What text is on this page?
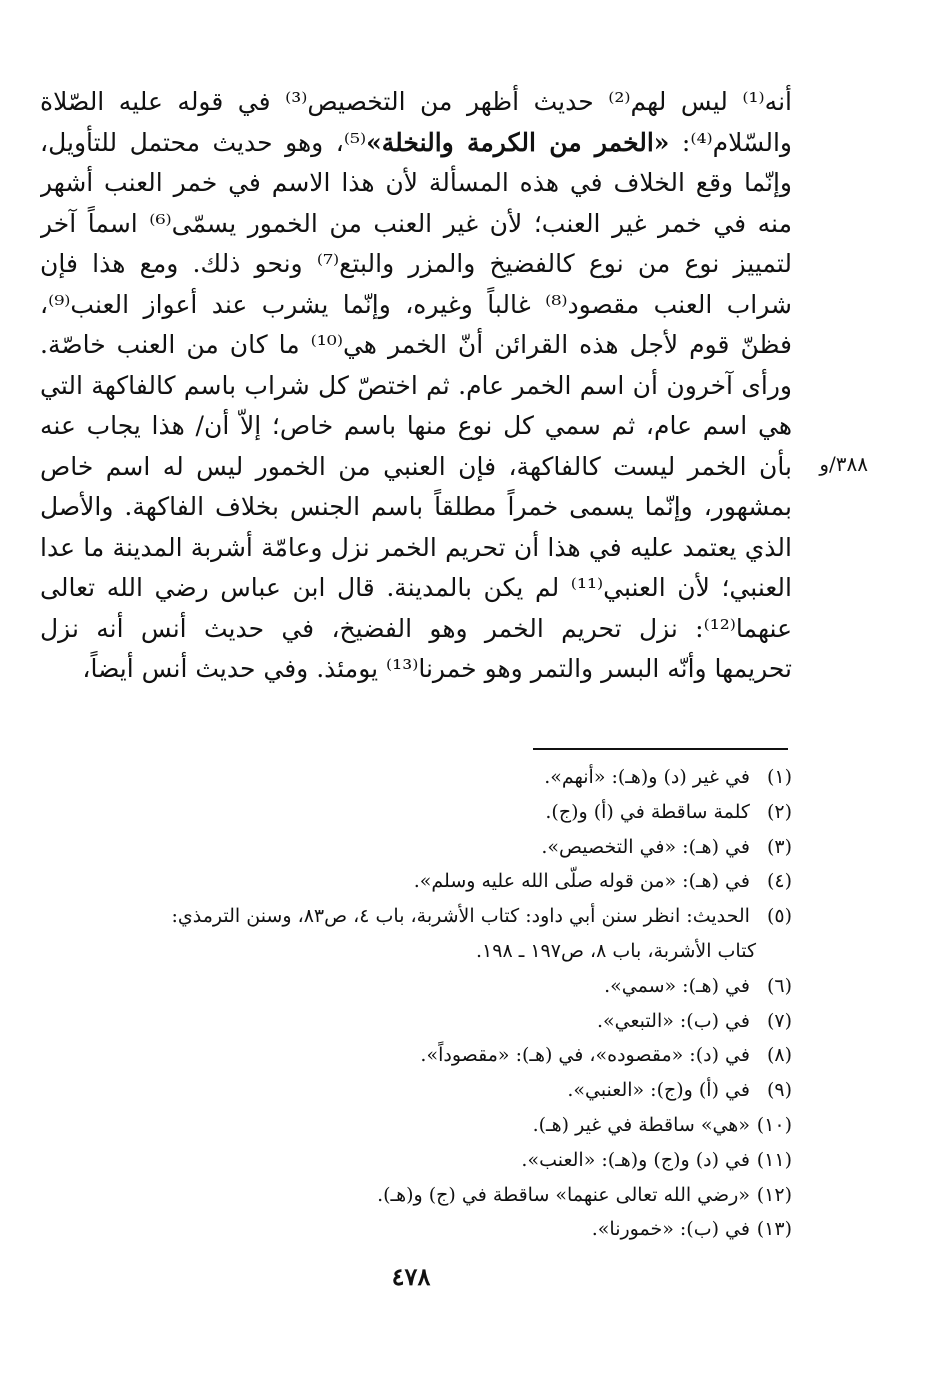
أنه⁽¹⁾ ليس لهم⁽²⁾ حديث أظهر من التخصيص⁽³⁾ في قوله عليه الصّلاة
والسّلام⁽⁴⁾: «الخمر من الكرمة والنخلة»⁽⁵⁾، وهو حديث محتمل للتأويل،
وإنّما وقع الخلاف في هذه المسألة لأن هذا الاسم في خمر العنب أشهر
منه في خمر غير العنب؛ لأن غير العنب من الخمور يسمّى⁽⁶⁾ اسماً آخر
لتمييز نوع من نوع كالفضيخ والمزر والبتع⁽⁷⁾ ونحو ذلك. ومع هذا فإن
شراب العنب مقصود⁽⁸⁾ غالباً وغيره، وإنّما يشرب عند أعواز العنب⁽⁹⁾،
فظنّ قوم لأجل هذه القرائن أنّ الخمر هي⁽¹⁰⁾ ما كان من العنب خاصّة.
ورأى آخرون أن اسم الخمر عام. ثم اختصّ كل شراب باسم كالفاكهة التي
هي اسم عام، ثم سمي كل نوع منها باسم خاص؛ إلاّ أن/ هذا يجاب عنه
بأن الخمر ليست كالفاكهة، فإن العنبي من الخمور ليس له اسم خاص
بمشهور، وإنّما يسمى خمراً مطلقاً باسم الجنس بخلاف الفاكهة. والأصل
الذي يعتمد عليه في هذا أن تحريم الخمر نزل وعامّة أشربة المدينة ما عدا
العنبي؛ لأن العنبي⁽¹¹⁾ لم يكن بالمدينة. قال ابن عباس رضي الله تعالى
عنهما⁽¹²⁾: نزل تحريم الخمر وهو الفضيخ، في حديث أنس أنه نزل
تحريمها وأنّه البسر والتمر وهو خمرنا⁽¹³⁾ يومئذ. وفي حديث أنس أيضاً،
٣٨٨/و
(١) في غير (د) و(هـ): «أنهم».
(٢) كلمة ساقطة في (أ) و(ج).
(٣) في (هـ): «في التخصيص».
(٤) في (هـ): «من قوله صلّى الله عليه وسلم».
(٥) الحديث: انظر سنن أبي داود: كتاب الأشربة، باب ٤، ص٨٣، وسنن الترمذي:
كتاب الأشربة، باب ٨، ص١٩٧ ـ ١٩٨.
(٦) في (هـ): «سمي».
(٧) في (ب): «التبعي».
(٨) في (د): «مقصوده»، في (هـ): «مقصوداً».
(٩) في (أ) و(ج): «العنبي».
(١٠) «هي» ساقطة في غير (هـ).
(١١) في (د) و(ج) و(هـ): «العنب».
(١٢) «رضي الله تعالى عنهما» ساقطة في (ج) و(هـ).
(١٣) في (ب): «خمورنا».
٤٧٨
